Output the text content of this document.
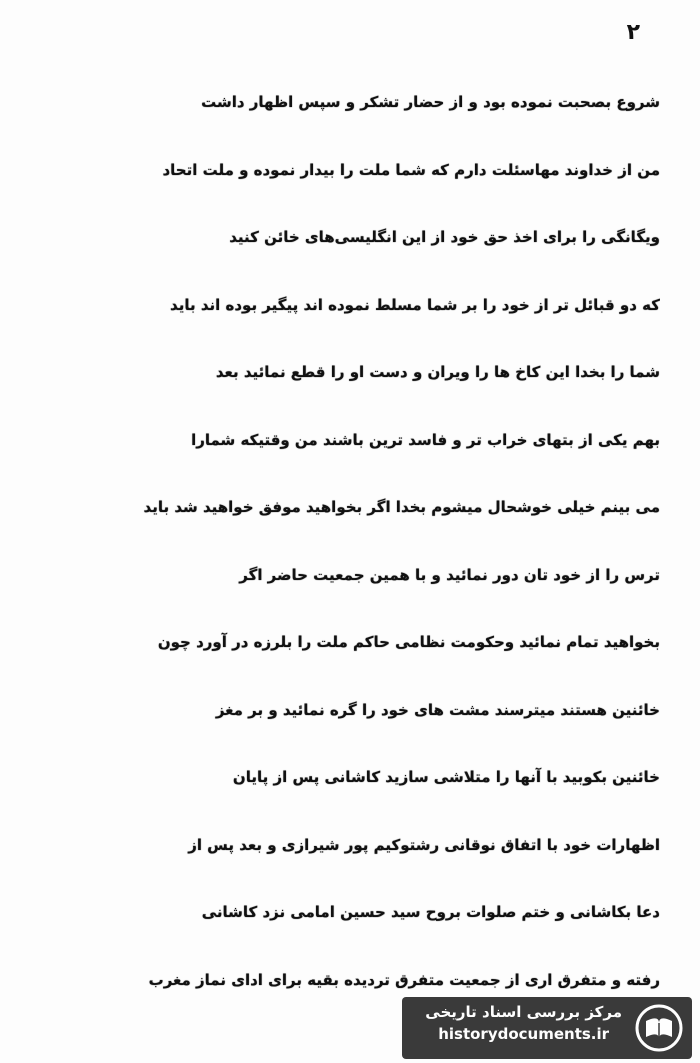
۲
شروع بصحبت نموده بود و از حضار تشکر و سپس اظهار داشت
من از خداوند مهاسئلت دارم که شما ملت را بیدار نموده و ملت اتحاد
ویگانگی را برای اخذ حق خود از این انگلیسی‌های خائن کنید
که دو قبائل تر از خود را بر شما مسلط نموده اند پیگیر بوده اند باید
شما را بخدا این کاخ ها را ویران و دست او را قطع نمائید بعد
بهم یکی از بتهای خراب تر و فاسد ترین باشند من وقتیکه شمارا
می بینم خیلی خوشحال میشوم بخدا اگر بخواهید موفق خواهید شد باید
ترس را از خود تان دور نمائید و با همین جمعیت حاضر اگر
بخواهید تمام نمائید وحکومت نظامی حاکم ملت را بلرزه در آورد چون
خائنین هستند میترسند مشت های خود را گره نمائید و بر مغز
خائنین بکوبید با آنها را متلاشی سازید کاشانی پس از پایان
اظهارات خود با اتفاق نوقانی رشتوکیم پور شیرازی و بعد پس از
دعا بکاشانی و ختم صلوات بروح سید حسین امامی نزد کاشانی
رفته و متفرق اری از جمعیت متفرق تردیده بقیه برای ادای نماز مغرب
مرکز بررسی اسناد تاریخی
historydocuments.ir
